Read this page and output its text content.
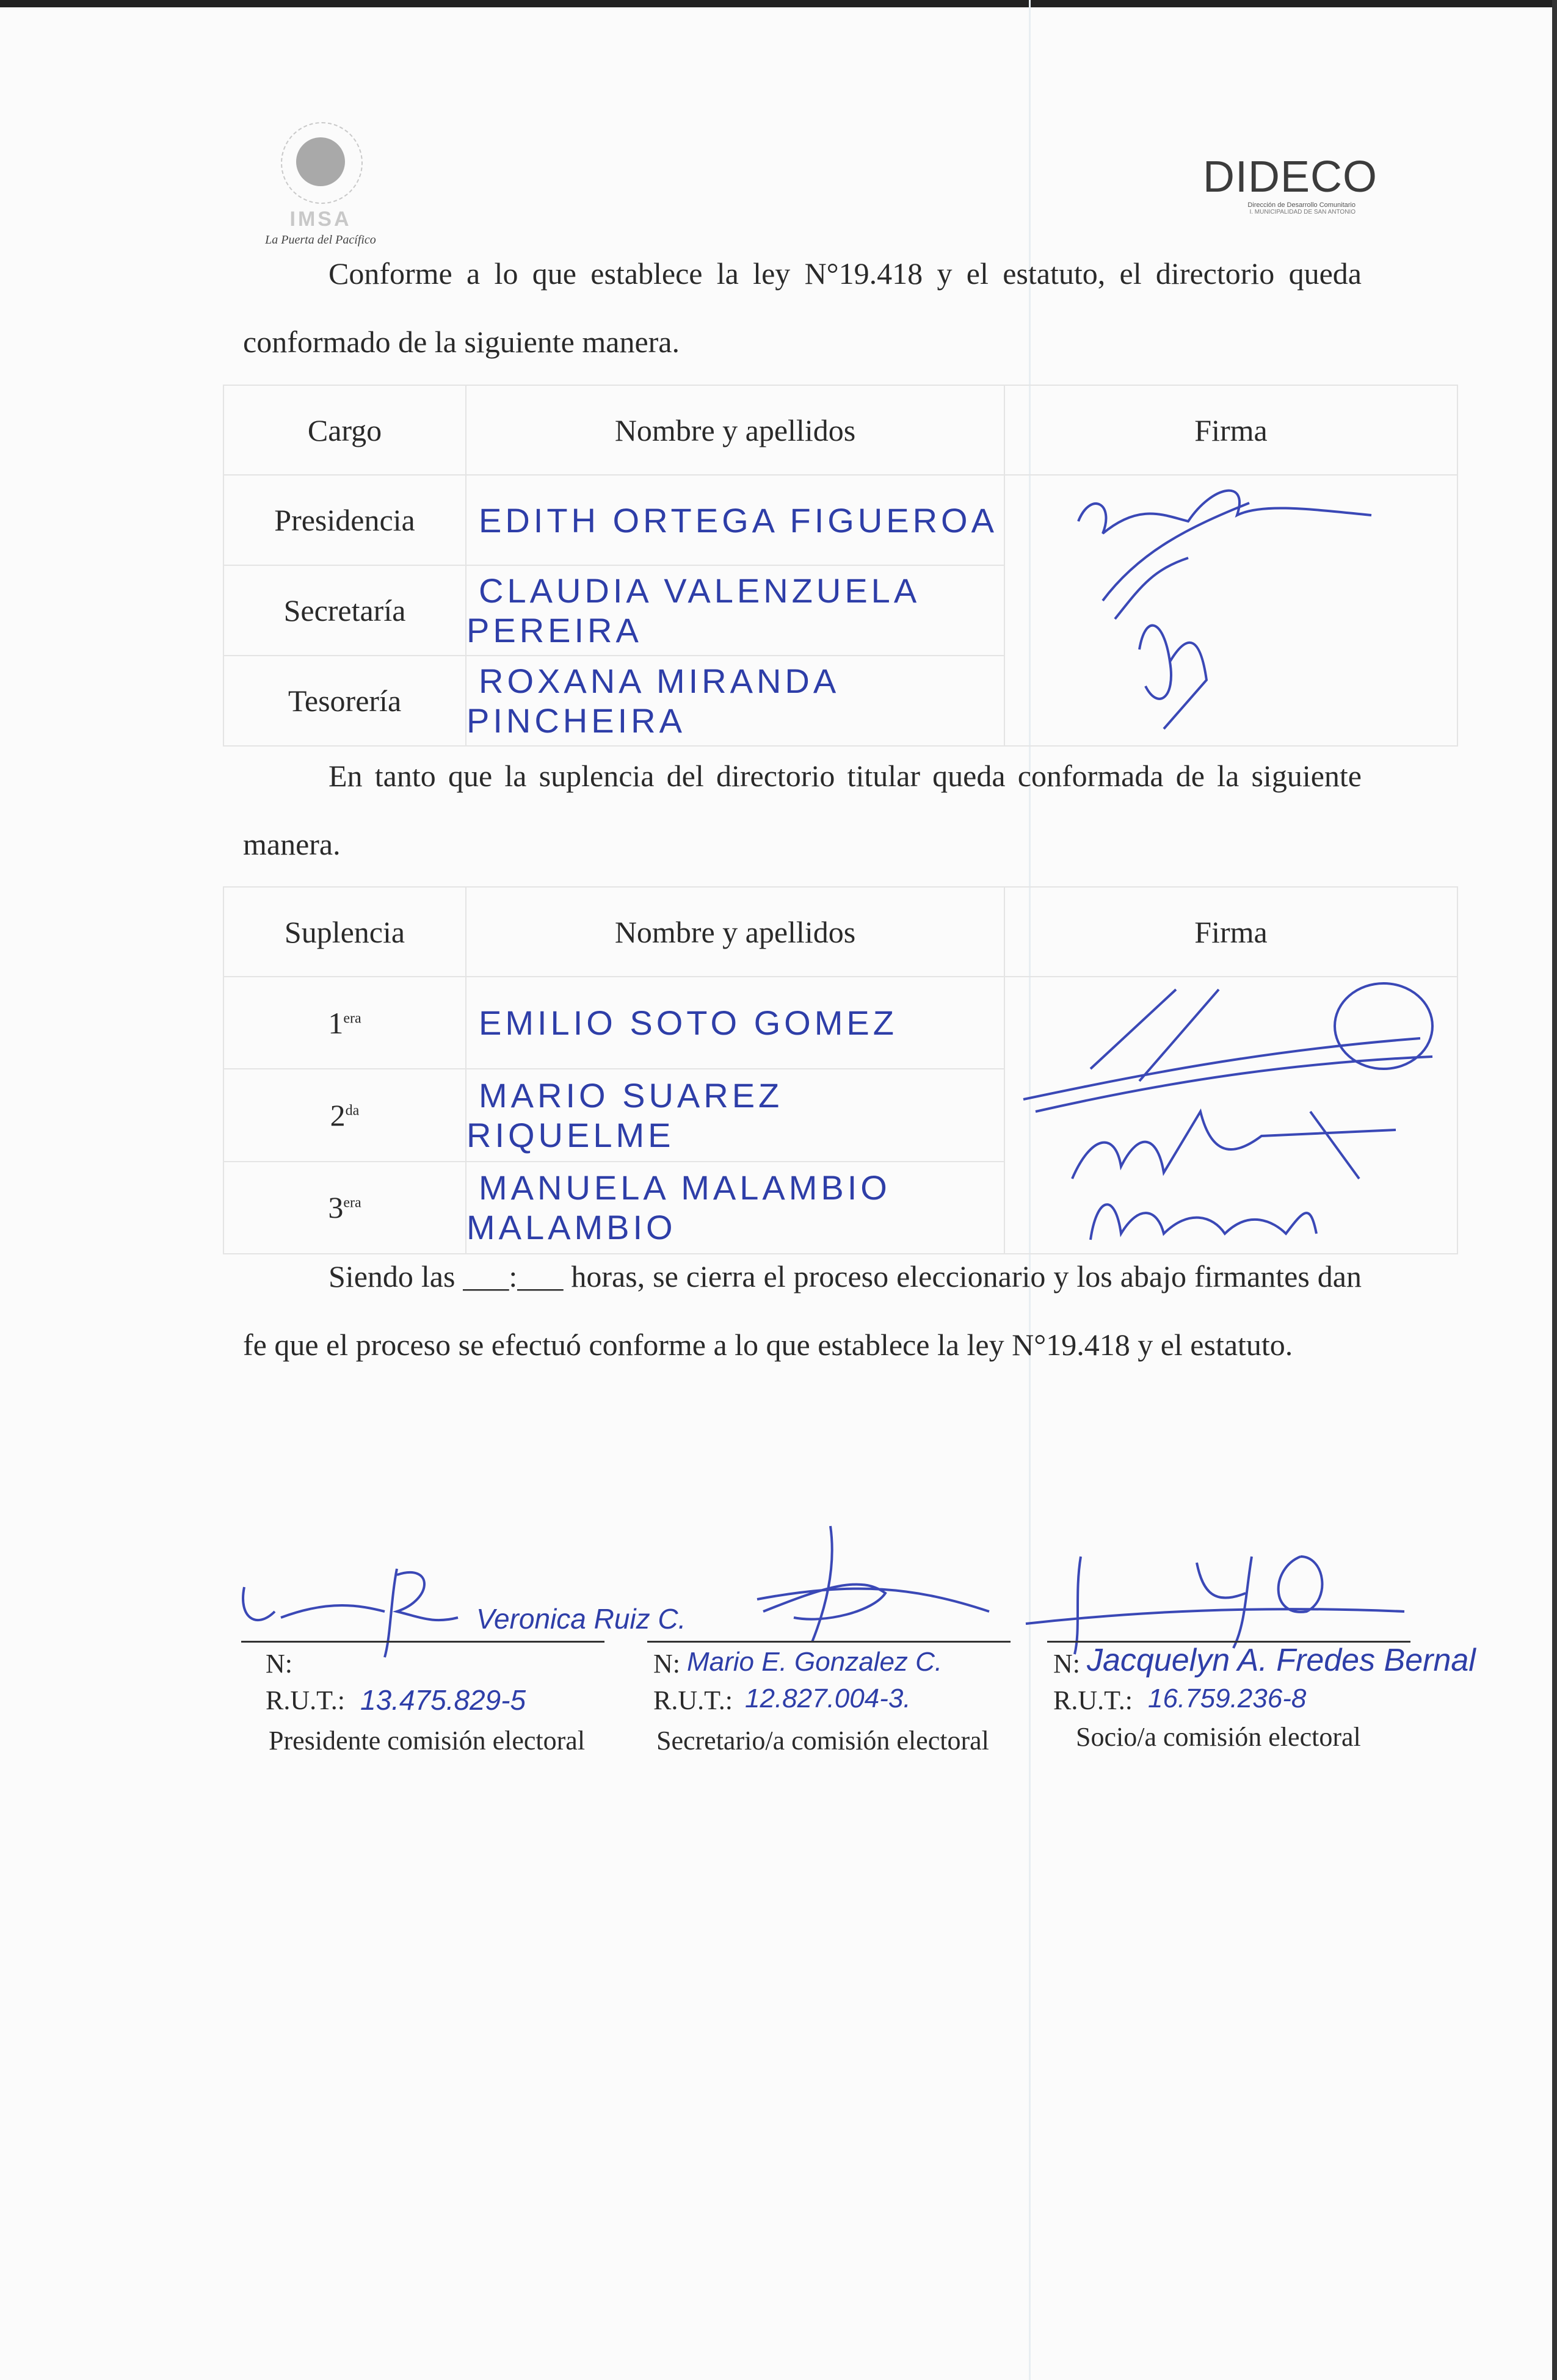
IMSA
La Puerta del Pacífico
DIDECO
Dirección de Desarrollo Comunitario
I. MUNICIPALIDAD DE SAN ANTONIO
Conforme a lo que establece la ley N°19.418 y el estatuto, el directorio queda conformado de la siguiente manera.
Cargo	Nombre y apellidos	Firma
Presidencia	EDITH ORTEGA FIGUEROA	
Secretaría	CLAUDIA VALENZUELA PEREIRA	
Tesorería	ROXANA MIRANDA PINCHEIRA	
En tanto que la suplencia del directorio titular queda conformada de la siguiente manera.
Suplencia	Nombre y apellidos	Firma
$1^{era}$	EMILIO SOTO GOMEZ	
$2^{da}$	MARIO SUAREZ RIQUELME	
$3^{era}$	MANUELA MALAMBIO MALAMBIO	
Siendo las ___:___ horas, se cierra el proceso eleccionario y los abajo firmantes dan fe que el proceso se efectuó conforme a lo que establece la ley N°19.418 y el estatuto.
Veronica Ruiz C.
N:
R.U.T.: 13.475.829-5
Presidente comisión electoral
N: Mario E. Gonzalez C.
R.U.T.: 12.827.004-3.
Secretario/a comisión electoral
N: Jacquelyn A. Fredes Bernal
R.U.T.: 16.759.236-8
Socio/a comisión electoral
